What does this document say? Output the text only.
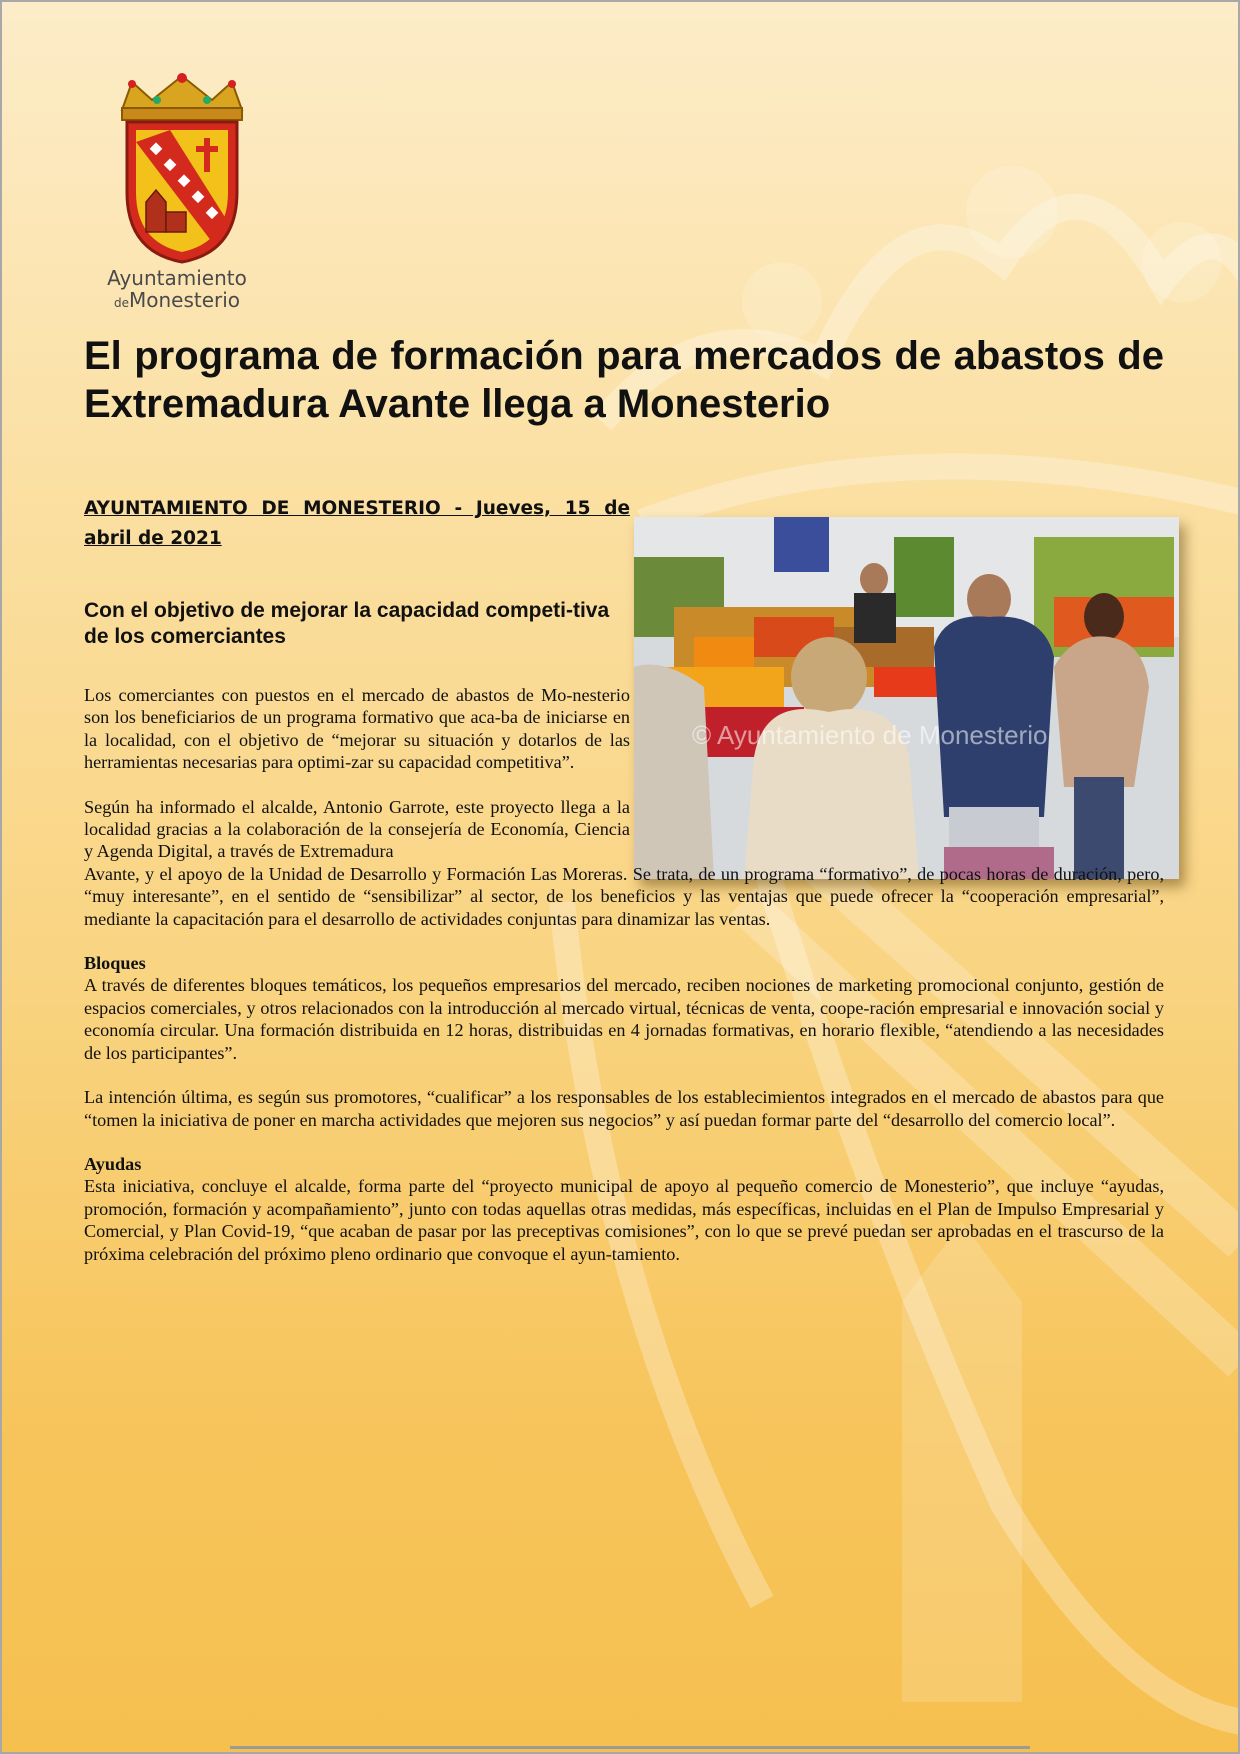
Ayuntamiento
deMonesterio
El programa de formación para mercados de abastos de Extremadura Avante llega a Monesterio

AYUNTAMIENTO DE MONESTERIO - Jueves, 15 de abril de 2021

Con el objetivo de mejorar la capacidad competi-tiva de los comerciantes
© Ayuntamiento de Monesterio

Los comerciantes con puestos en el mercado de abastos de Mo-nesterio son los beneficiarios de un programa formativo que aca-ba de iniciarse en la localidad, con el objetivo de “mejorar su situación y dotarlos de las herramientas necesarias para optimi-zar su capacidad competitiva”.

Según ha informado el alcalde, Antonio Garrote, este proyecto llega a la localidad gracias a la colaboración de la consejería de Economía, Ciencia y Agenda Digital, a través de Extremadura

Avante, y el apoyo de la Unidad de Desarrollo y Formación Las Moreras. Se trata, de un programa “formativo”, de pocas horas de duración, pero, “muy interesante”, en el sentido de “sensibilizar” al sector, de los beneficios y las ventajas que puede ofrecer la “cooperación empresarial”, mediante la capacitación para el desarrollo de actividades conjuntas para dinamizar las ventas.

Bloques

A través de diferentes bloques temáticos, los pequeños empresarios del mercado, reciben nociones de marketing promocional conjunto, gestión de espacios comerciales, y otros relacionados con la introducción al mercado virtual, técnicas de venta, coope-ración empresarial e innovación social y economía circular. Una formación distribuida en 12 horas, distribuidas en 4 jornadas formativas, en horario flexible, “atendiendo a las necesidades de los participantes”.

La intención última, es según sus promotores, “cualificar” a los responsables de los establecimientos integrados en el mercado de abastos para que “tomen la iniciativa de poner en marcha actividades que mejoren sus negocios” y así puedan formar parte del “desarrollo del comercio local”.

Ayudas

Esta iniciativa, concluye el alcalde, forma parte del “proyecto municipal de apoyo al pequeño comercio de Monesterio”, que incluye “ayudas, promoción, formación y acompañamiento”, junto con todas aquellas otras medidas, más específicas, incluidas en el Plan de Impulso Empresarial y Comercial, y Plan Covid-19, “que acaban de pasar por las preceptivas comisiones”, con lo que se prevé puedan ser aprobadas en el trascurso de la próxima celebración del próximo pleno ordinario que convoque el ayun-tamiento.
